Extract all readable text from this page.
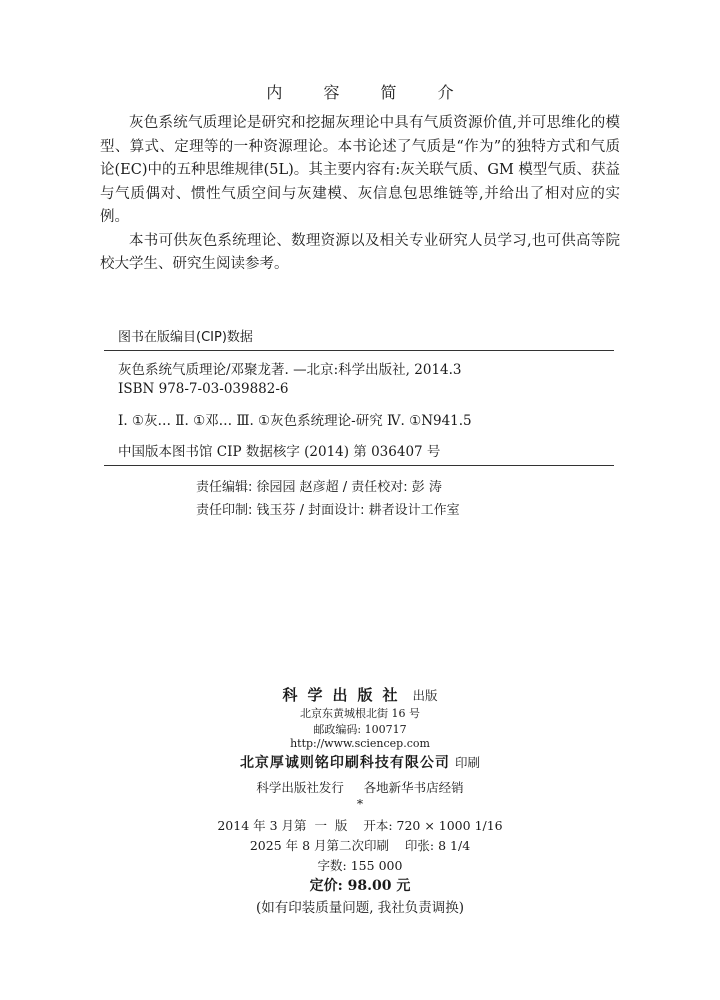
内 容 简 介

灰色系统气质理论是研究和挖掘灰理论中具有气质资源价值,并可思维化的模型、算式、定理等的一种资源理论。本书论述了气质是“作为”的独特方式和气质论(EC)中的五种思维规律(5L)。其主要内容有:灰关联气质、GM 模型气质、获益与气质偶对、惯性气质空间与灰建模、灰信息包思维链等,并给出了相对应的实例。

本书可供灰色系统理论、数理资源以及相关专业研究人员学习,也可供高等院校大学生、研究生阅读参考。

图书在版编目(CIP)数据
灰色系统气质理论/邓聚龙著. —北京:科学出版社, 2014.3
ISBN 978-7-03-039882-6
Ⅰ. ①灰… Ⅱ. ①邓… Ⅲ. ①灰色系统理论-研究 Ⅳ. ①N941.5
中国版本图书馆 CIP 数据核字 (2014) 第 036407 号
责任编辑: 徐园园 赵彦超 / 责任校对: 彭 涛
责任印制: 钱玉芬 / 封面设计: 耕者设计工作室
科学出版社 出版
北京东黄城根北街 16 号
邮政编码: 100717
http://www.sciencep.com
北京厚诚则铭印刷科技有限公司 印刷
科学出版社发行     各地新华书店经销
*
2014 年 3 月第  一  版    开本: 720 × 1000 1/16
2025 年 8 月第二次印刷    印张: 8 1/4
字数: 155 000
定价: 98.00 元
(如有印装质量问题, 我社负责调换)
